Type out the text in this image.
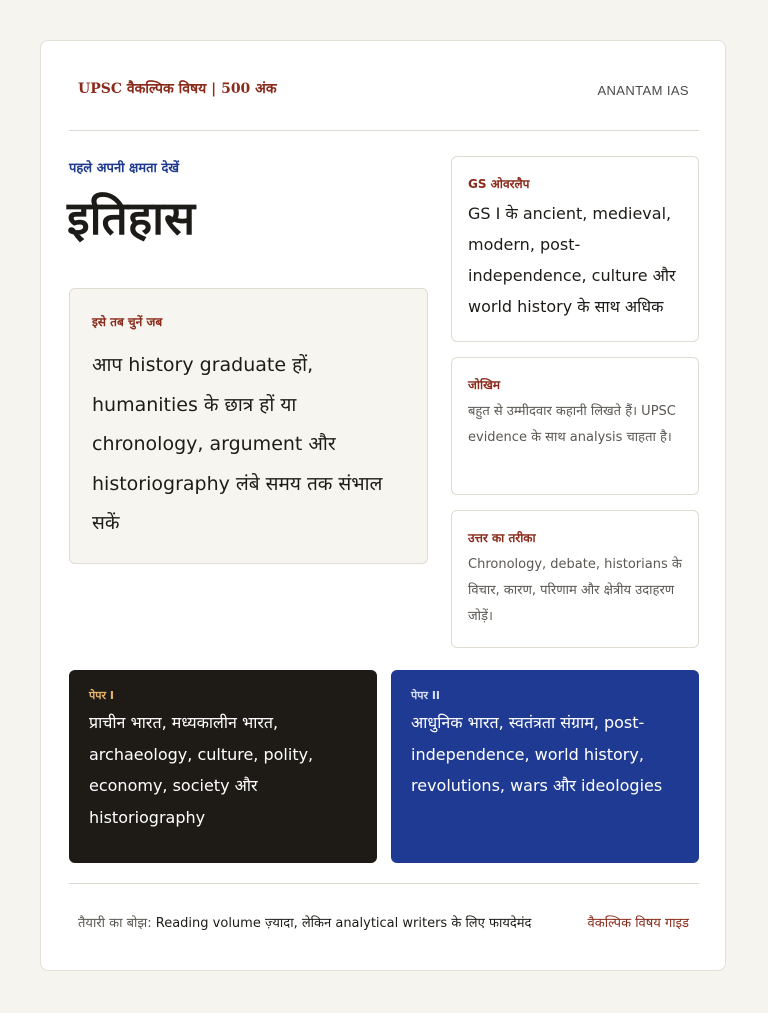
UPSC वैकल्पिक विषय | 500 अंक	ANANTAM IAS
पहले अपनी क्षमता देखें
इतिहास
इसे तब चुनें जब
आप history graduate हों, humanities के छात्र हों या chronology, argument और historiography लंबे समय तक संभाल सकें
GS ओवरलैप
GS I के ancient, medieval, modern, post-independence, culture और world history के साथ अधिक
जोखिम
बहुत से उम्मीदवार कहानी लिखते हैं। UPSC evidence के साथ analysis चाहता है।
उत्तर का तरीका
Chronology, debate, historians के विचार, कारण, परिणाम और क्षेत्रीय उदाहरण जोड़ें।
पेपर I
प्राचीन भारत, मध्यकालीन भारत, archaeology, culture, polity, economy, society और historiography
पेपर II
आधुनिक भारत, स्वतंत्रता संग्राम, post-independence, world history, revolutions, wars और ideologies
तैयारी का बोझ: Reading volume ज़्यादा, लेकिन analytical writers के लिए फायदेमंद	वैकल्पिक विषय गाइड
